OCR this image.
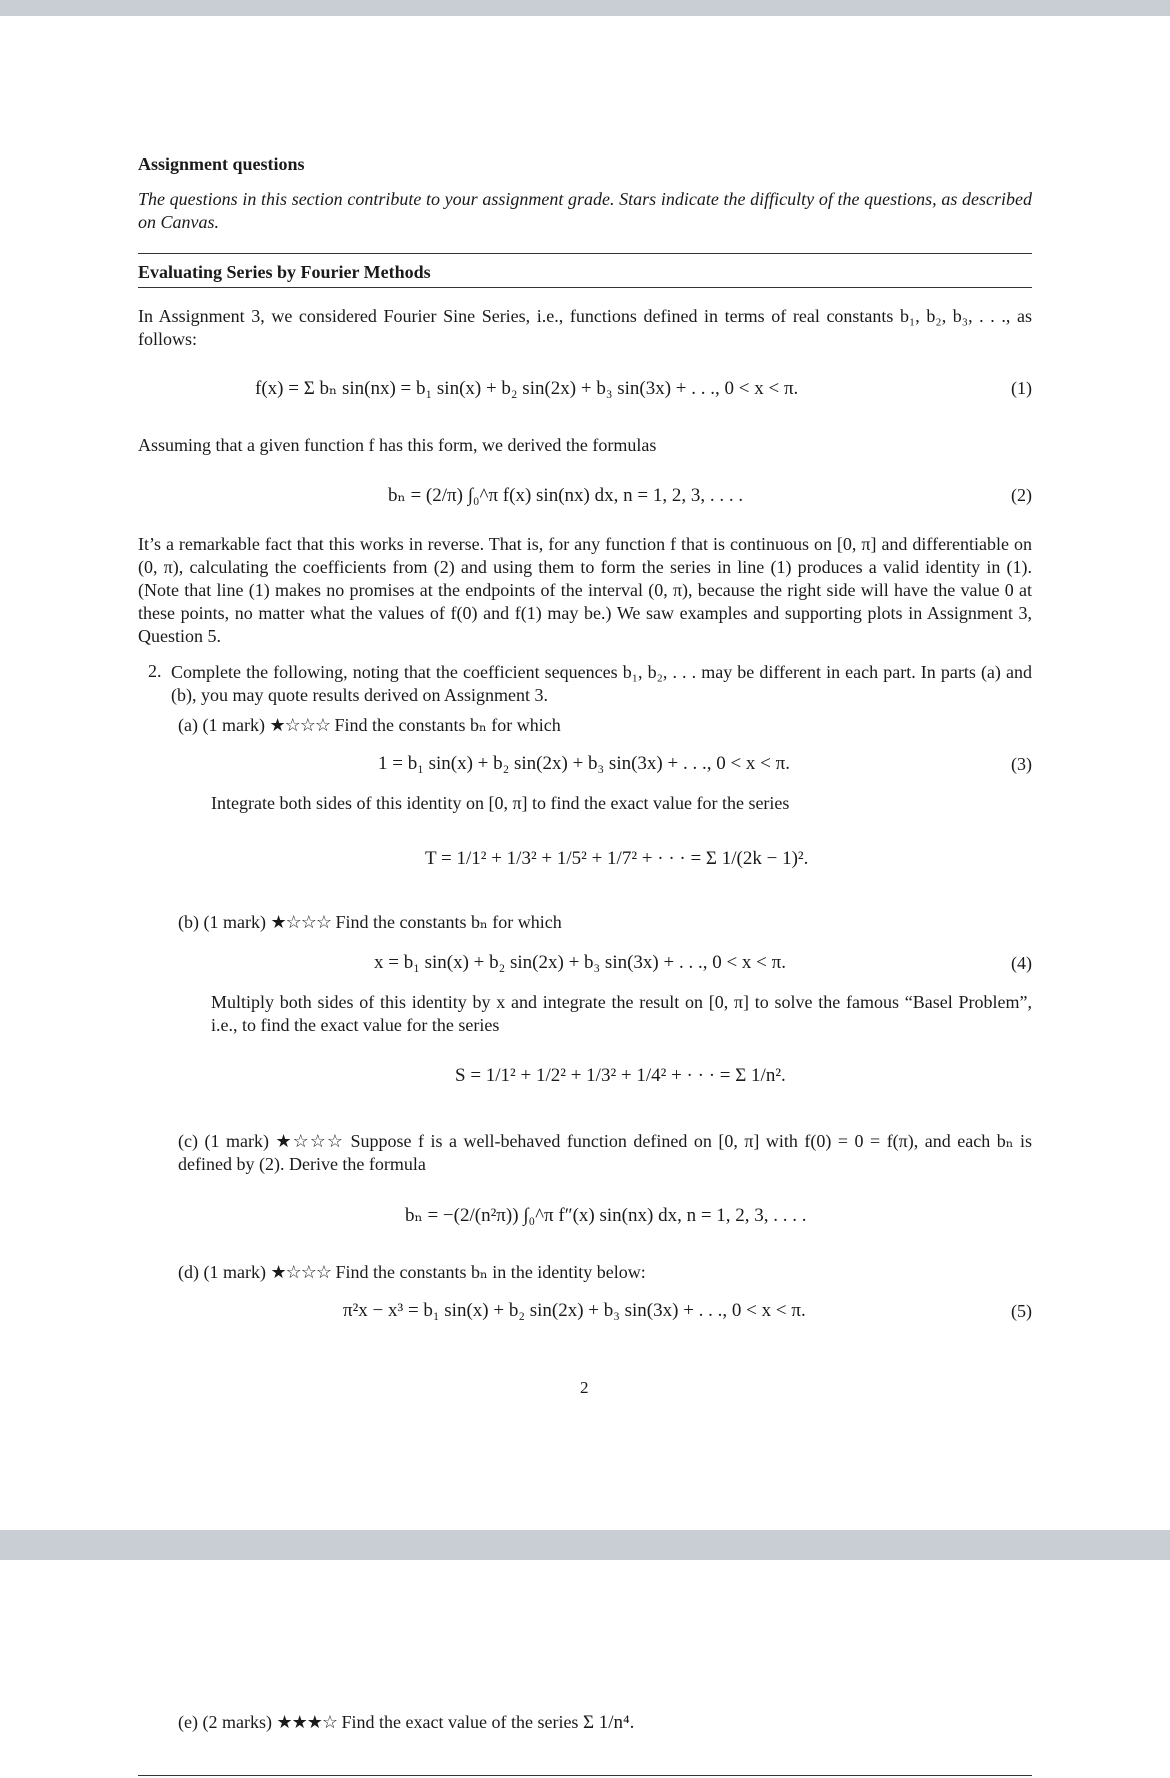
Assignment questions
The questions in this section contribute to your assignment grade. Stars indicate the difficulty of the questions, as described on Canvas.
Evaluating Series by Fourier Methods
In Assignment 3, we considered Fourier Sine Series, i.e., functions defined in terms of real constants b₁, b₂, b₃, . . ., as follows:
f(x) = Σ bₙ sin(nx) = b₁ sin(x) + b₂ sin(2x) + b₃ sin(3x) + . . ., 0 < x < π.	(1)
Assuming that a given function f has this form, we derived the formulas
bₙ = (2/π) ∫₀^π f(x) sin(nx) dx, n = 1, 2, 3, . . . .	(2)
It’s a remarkable fact that this works in reverse. That is, for any function f that is continuous on [0, π] and differentiable on (0, π), calculating the coefficients from (2) and using them to form the series in line (1) produces a valid identity in (1). (Note that line (1) makes no promises at the endpoints of the interval (0, π), because the right side will have the value 0 at these points, no matter what the values of f(0) and f(1) may be.) We saw examples and supporting plots in Assignment 3, Question 5.
2. Complete the following, noting that the coefficient sequences b₁, b₂, . . . may be different in each part. In parts (a) and (b), you may quote results derived on Assignment 3.
(a) (1 mark) ★☆☆☆ Find the constants bₙ for which
1 = b₁ sin(x) + b₂ sin(2x) + b₃ sin(3x) + . . ., 0 < x < π.	(3)
Integrate both sides of this identity on [0, π] to find the exact value for the series
T = 1/1² + 1/3² + 1/5² + 1/7² + · · · = Σ 1/(2k − 1)².
(b) (1 mark) ★☆☆☆ Find the constants bₙ for which
x = b₁ sin(x) + b₂ sin(2x) + b₃ sin(3x) + . . ., 0 < x < π.	(4)
Multiply both sides of this identity by x and integrate the result on [0, π] to solve the famous “Basel Problem”, i.e., to find the exact value for the series
S = 1/1² + 1/2² + 1/3² + 1/4² + · · · = Σ 1/n².
(c) (1 mark) ★☆☆☆ Suppose f is a well-behaved function defined on [0, π] with f(0) = 0 = f(π), and each bₙ is defined by (2). Derive the formula
bₙ = −(2/(n²π)) ∫₀^π f″(x) sin(nx) dx, n = 1, 2, 3, . . . .
(d) (1 mark) ★☆☆☆ Find the constants bₙ in the identity below:
π²x − x³ = b₁ sin(x) + b₂ sin(2x) + b₃ sin(3x) + . . ., 0 < x < π.	(5)
2
(e) (2 marks) ★★★☆ Find the exact value of the series Σ 1/n⁴.
